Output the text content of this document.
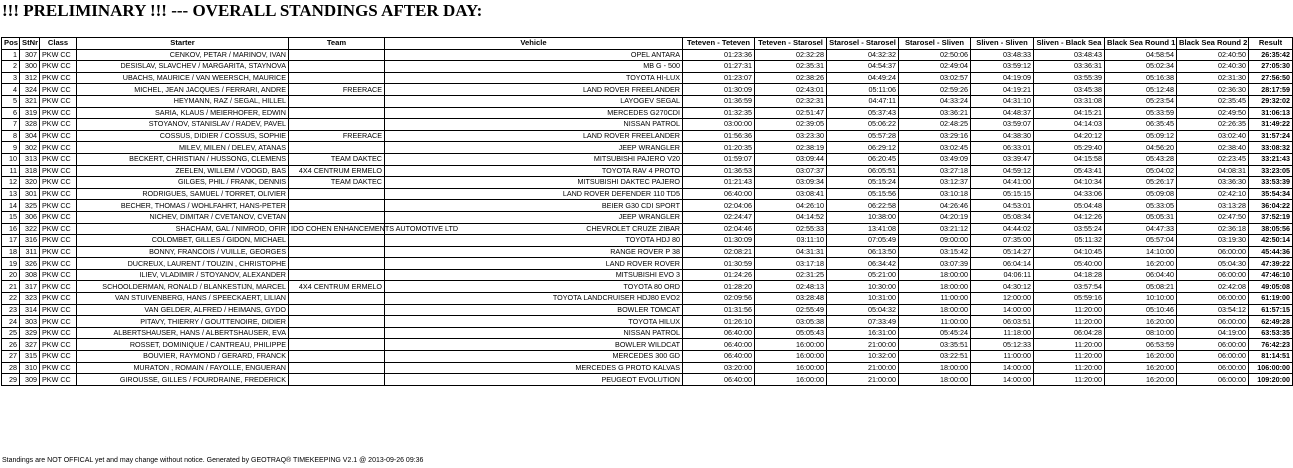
!!! PRELIMINARY !!! --- OVERALL STANDINGS AFTER DAY:
Pos	StNr	Class	Starter	Team	Vehicle	Teteven - Teteven	Teteven - Starosel	Starosel - Starosel	Starosel - Sliven	Sliven - Sliven	Sliven - Black Sea	Black Sea Round 1	Black Sea Round 2	Result
1	307	PKW CC	CENKOV, PETAR / MARINOV, IVAN		OPEL ANTARA	01:23:36	02:32:28	04:32:32	02:50:06	03:48:33	03:48:43	04:58:54	02:40:50	26:35:42
2	300	PKW CC	DESISLAV, SLAVCHEV / MARGARITA, STAYNOVA		MB G - 500	01:27:31	02:35:31	04:54:37	02:49:04	03:59:12	03:36:31	05:02:34	02:40:30	27:05:30
3	312	PKW CC	UBACHS, MAURICE / VAN WEERSCH, MAURICE		TOYOTA HI-LUX	01:23:07	02:38:26	04:49:24	03:02:57	04:19:09	03:55:39	05:16:38	02:31:30	27:56:50
4	324	PKW CC	MICHEL, JEAN JACQUES / FERRARI, ANDRE	FREERACE	LAND ROVER FREELANDER	01:30:09	02:43:01	05:11:06	02:59:26	04:19:21	03:45:38	05:12:48	02:36:30	28:17:59
5	321	PKW CC	HEYMANN, RAZ / SEGAL, HILLEL		LAYOGEV SEGAL	01:36:59	02:32:31	04:47:11	04:33:24	04:31:10	03:31:08	05:23:54	02:35:45	29:32:02
6	319	PKW CC	SARIA, KLAUS / MEIERHOFER, EDWIN		MERCEDES G270CDI	01:32:35	02:51:47	05:37:43	03:36:21	04:48:37	04:15:21	05:33:59	02:49:50	31:06:13
7	328	PKW CC	STOYANOV, STANISLAV / RADEV, PAVEL		NISSAN PATROL	03:00:00	02:39:05	05:06:22	02:48:25	03:59:07	04:14:03	06:35:45	02:26:35	31:49:22
8	304	PKW CC	COSSUS, DIDIER / COSSUS, SOPHIE	FREERACE	LAND ROVER FREELANDER	01:56:36	03:23:30	05:57:28	03:29:16	04:38:30	04:20:12	05:09:12	03:02:40	31:57:24
9	302	PKW CC	MILEV, MILEN / DELEV, ATANAS		JEEP WRANGLER	01:20:35	02:38:19	06:29:12	03:02:45	06:33:01	05:29:40	04:56:20	02:38:40	33:08:32
10	313	PKW CC	BECKERT, CHRISTIAN / HUSSONG, CLEMENS	TEAM DAKTEC	MITSUBISHI PAJERO V20	01:59:07	03:09:44	06:20:45	03:49:09	03:39:47	04:15:58	05:43:28	02:23:45	33:21:43
11	318	PKW CC	ZEELEN, WILLEM / VOOGD, BAS	4X4 CENTRUM ERMELO	TOYOTA RAV 4 PROTO	01:36:53	03:07:37	06:05:51	03:27:18	04:59:12	05:43:41	05:04:02	04:08:31	33:23:05
12	320	PKW CC	GILGES, PHIL / FRANK, DENNIS	TEAM DAKTEC	MITSUBISHI DAKTEC PAJERO	01:21:43	03:09:34	05:15:24	03:12:37	04:41:00	04:10:34	05:26:17	03:36:30	33:53:39
13	301	PKW CC	RODRIGUES, SAMUEL / TORRET, OLIVIER		LAND ROVER DEFENDER 110 TD5	06:40:00	03:08:41	05:15:56	03:10:18	05:15:15	04:33:06	05:09:08	02:42:10	35:54:34
14	325	PKW CC	BECHER, THOMAS / WOHLFAHRT, HANS-PETER		BEIER G30 CDI SPORT	02:04:06	04:26:10	06:22:58	04:26:46	04:53:01	05:04:48	05:33:05	03:13:28	36:04:22
15	306	PKW CC	NICHEV, DIMITAR / CVETANOV, CVETAN		JEEP WRANGLER	02:24:47	04:14:52	10:38:00	04:20:19	05:08:34	04:12:26	05:05:31	02:47:50	37:52:19
16	322	PKW CC	SHACHAM, GAL / NIMROD, OFIR	IDO COHEN ENHANCEMENTS AUTOMOTIVE LTD	CHEVROLET CRUZE ZIBAR	02:04:46	02:55:33	13:41:08	03:21:12	04:44:02	03:55:24	04:47:33	02:36:18	38:05:56
17	316	PKW CC	COLOMBET, GILLES / GIDON, MICHAEL		TOYOTA HDJ 80	01:30:09	03:11:10	07:05:49	09:00:00	07:35:00	05:11:32	05:57:04	03:19:30	42:50:14
18	311	PKW CC	BONNY, FRANCOIS / VUILLE, GEORGES		RANGE ROVER P 38	02:08:21	04:31:31	06:13:50	03:15:42	05:14:27	04:10:45	14:10:00	06:00:00	45:44:36
19	326	PKW CC	DUCREUX, LAURENT / TOUZIN , CHRISTOPHE		LAND ROVER ROVER	01:30:59	03:17:18	06:34:42	03:07:39	06:04:14	05:40:00	16:20:00	05:04:30	47:39:22
20	308	PKW CC	ILIEV, VLADIMIR / STOYANOV, ALEXANDER		MITSUBISHI EVO 3	01:24:26	02:31:25	05:21:00	18:00:00	04:06:11	04:18:28	06:04:40	06:00:00	47:46:10
21	317	PKW CC	SCHOOLDERMAN, RONALD / BLANKESTIJN, MARCEL	4X4 CENTRUM ERMELO	TOYOTA 80 ORD	01:28:20	02:48:13	10:30:00	18:00:00	04:30:12	03:57:54	05:08:21	02:42:08	49:05:08
22	323	PKW CC	VAN STUIVENBERG, HANS / SPEECKAERT, LILIAN		TOYOTA LANDCRUISER HDJ80 EVO2	02:09:56	03:28:48	10:31:00	11:00:00	12:00:00	05:59:16	10:10:00	06:00:00	61:19:00
23	314	PKW CC	VAN GELDER, ALFRED / HEIMANS, GYDO		BOWLER TOMCAT	01:31:56	02:55:49	05:04:32	18:00:00	14:00:00	11:20:00	05:10:46	03:54:12	61:57:15
24	303	PKW CC	PITAVY, THIERRY / GOUTTENOIRE, DIDIER		TOYOTA HILUX	01:26:10	03:05:38	07:33:49	11:00:00	06:03:51	11:20:00	16:20:00	06:00:00	62:49:28
25	329	PKW CC	ALBERTSHAUSER, HANS / ALBERTSHAUSER, EVA		NISSAN PATROL	06:40:00	05:05:43	16:31:00	05:45:24	11:18:00	06:04:28	08:10:00	04:19:00	63:53:35
26	327	PKW CC	ROSSET, DOMINIQUE / CANTREAU, PHILIPPE		BOWLER WILDCAT	06:40:00	16:00:00	21:00:00	03:35:51	05:12:33	11:20:00	06:53:59	06:00:00	76:42:23
27	315	PKW CC	BOUVIER, RAYMOND / GERARD, FRANCK		MERCEDES 300 GD	06:40:00	16:00:00	10:32:00	03:22:51	11:00:00	11:20:00	16:20:00	06:00:00	81:14:51
28	310	PKW CC	MURATON , ROMAIN / FAYOLLE, ENGUERAN		MERCEDES G PROTO KALVAS	03:20:00	16:00:00	21:00:00	18:00:00	14:00:00	11:20:00	16:20:00	06:00:00	106:00:00
29	309	PKW CC	GIROUSSE, GILLES / FOURDRAINE, FREDERICK		PEUGEOT EVOLUTION	06:40:00	16:00:00	21:00:00	18:00:00	14:00:00	11:20:00	16:20:00	06:00:00	109:20:00

Standings are NOT OFFICAL yet and may change without notice. Generated by GEOTRAQ® TIMEKEEPING V2.1 @ 2013-09-26 09:36
